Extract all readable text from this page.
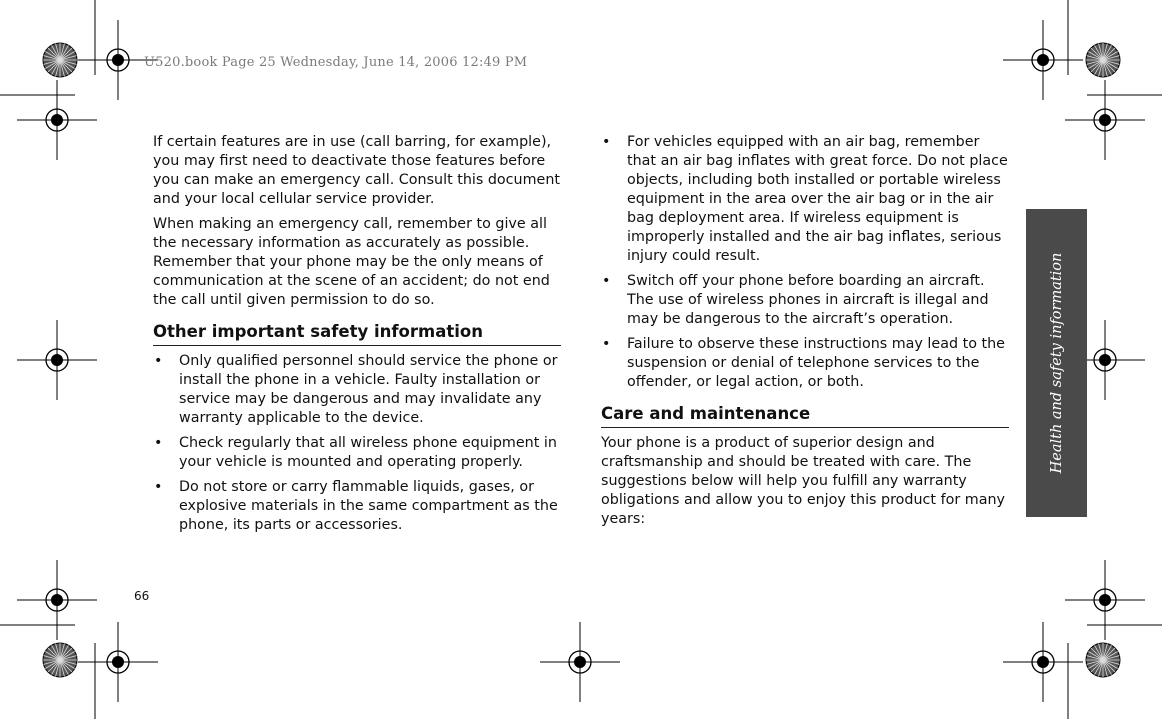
U520.book Page 25 Wednesday, June 14, 2006 12:49 PM

If certain features are in use (call barring, for example), you may first need to deactivate those features before you can make an emergency call. Consult this document and your local cellular service provider.

When making an emergency call, remember to give all the necessary information as accurately as possible. Remember that your phone may be the only means of communication at the scene of an accident; do not end the call until given permission to do so.

Other important safety information
• Only qualified personnel should service the phone or install the phone in a vehicle. Faulty installation or service may be dangerous and may invalidate any warranty applicable to the device.
• Check regularly that all wireless phone equipment in your vehicle is mounted and operating properly.
• Do not store or carry flammable liquids, gases, or explosive materials in the same compartment as the phone, its parts or accessories.
• For vehicles equipped with an air bag, remember that an air bag inflates with great force. Do not place objects, including both installed or portable wireless equipment in the area over the air bag or in the air bag deployment area. If wireless equipment is improperly installed and the air bag inflates, serious injury could result.
• Switch off your phone before boarding an aircraft. The use of wireless phones in aircraft is illegal and may be dangerous to the aircraft’s operation.
• Failure to observe these instructions may lead to the suspension or denial of telephone services to the offender, or legal action, or both.
Care and maintenance

Your phone is a product of superior design and craftsmanship and should be treated with care. The suggestions below will help you fulfill any warranty obligations and allow you to enjoy this product for many years:

Health and safety information
66
